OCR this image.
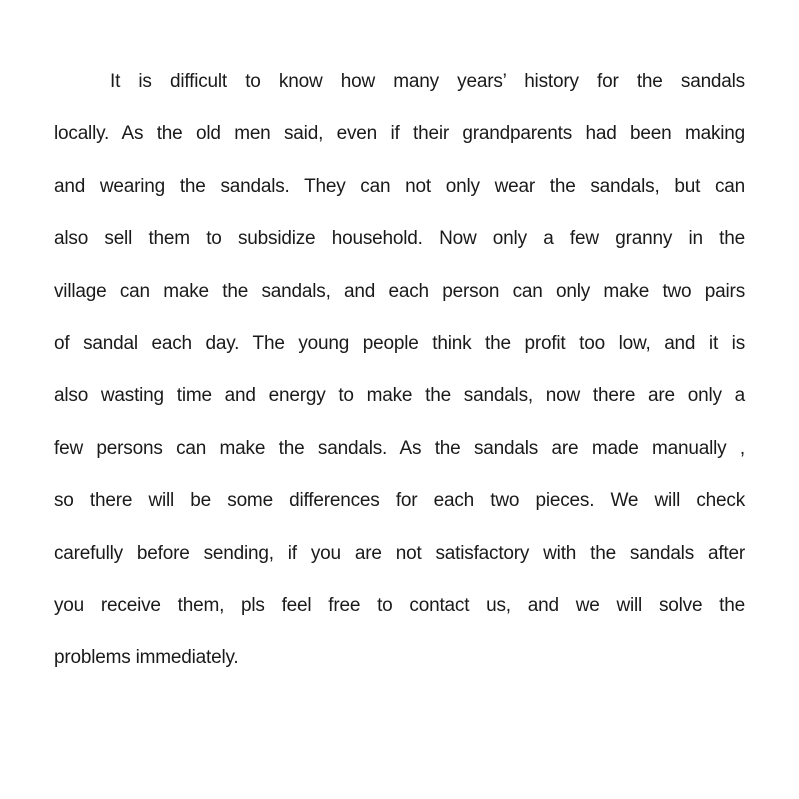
It is difficult to know how many years’ history for the sandals
locally. As the old men said, even if their grandparents had been making
and wearing the sandals. They can not only wear the sandals, but can
also sell them to subsidize household. Now only a few granny in the
village can make the sandals, and each person can only make two pairs
of sandal each day. The young people think the profit too low, and it is
also wasting time and energy to make the sandals, now there are only a
few persons can make the sandals. As the sandals are made manually ,
so there will be some differences for each two pieces. We will check
carefully before sending, if you are not satisfactory with the sandals after
you receive them, pls feel free to contact us, and we will solve the
problems immediately.
